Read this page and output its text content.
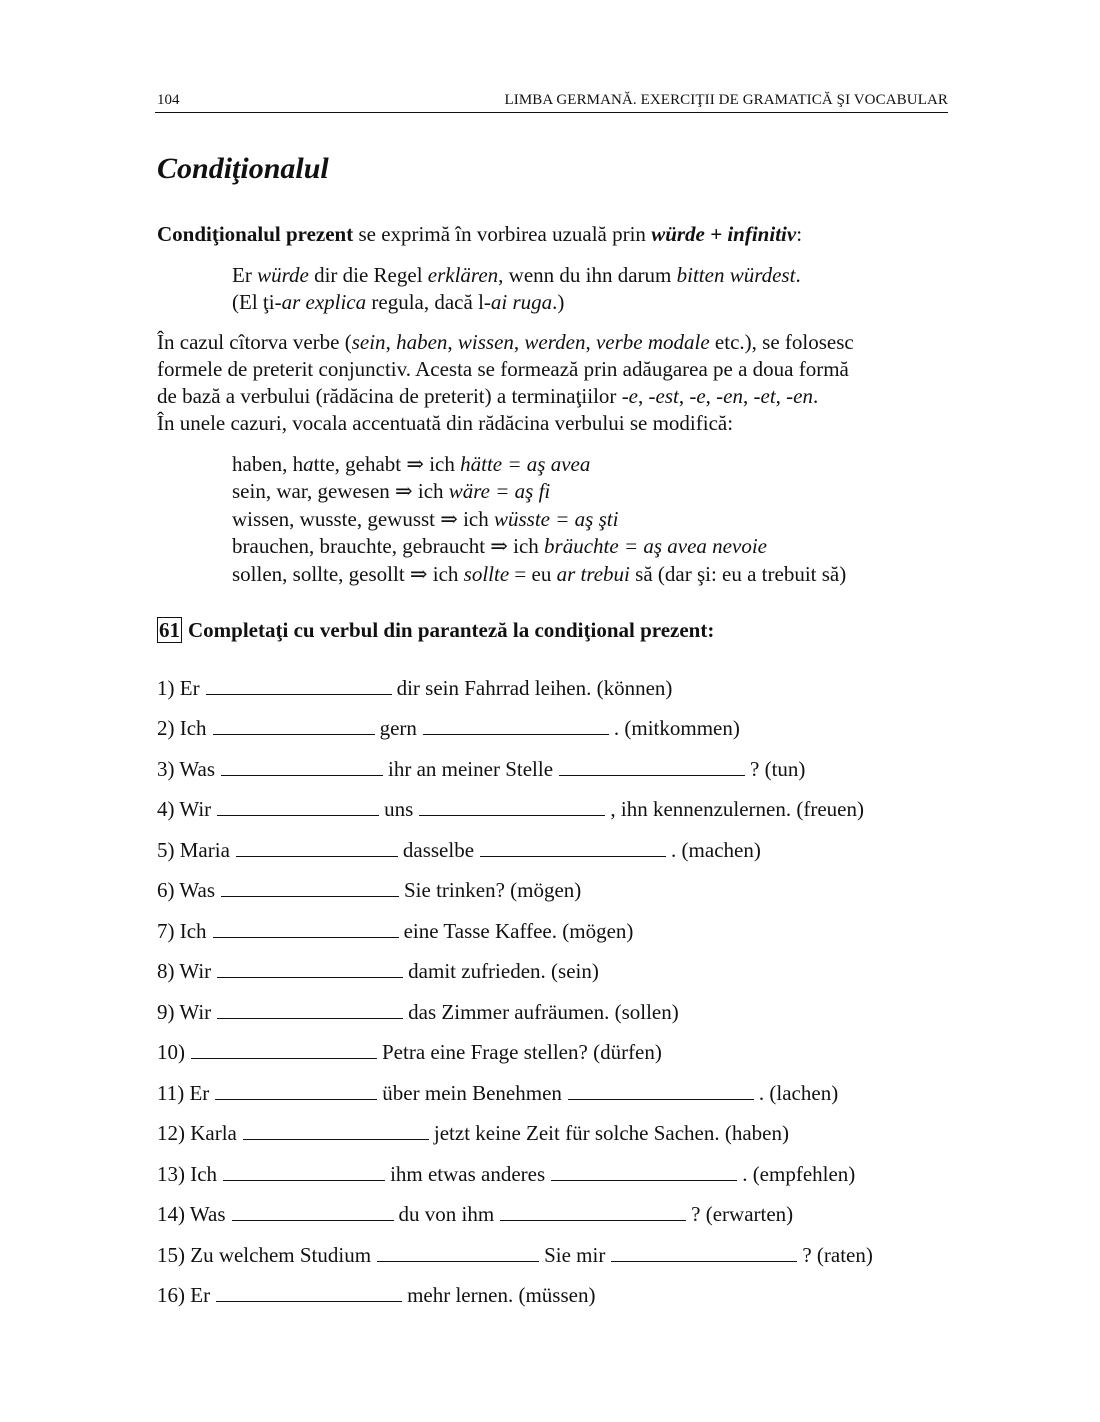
104	LIMBA GERMANĂ. EXERCIŢII DE GRAMATICĂ ŞI VOCABULAR
Condiţionalul
Condiţionalul prezent se exprimă în vorbirea uzuală prin würde + infinitiv:
Er würde dir die Regel erklären, wenn du ihn darum bitten würdest.
(El ţi-ar explica regula, dacă l-ai ruga.)
În cazul cîtorva verbe (sein, haben, wissen, werden, verbe modale etc.), se folosesc
formele de preterit conjunctiv. Acesta se formează prin adăugarea pe a doua formă
de bază a verbului (rădăcina de preterit) a terminaţiilor -e, -est, -e, -en, -et, -en.
În unele cazuri, vocala accentuată din rădăcina verbului se modifică:
haben, hatte, gehabt ⇒ ich hätte = aş avea
sein, war, gewesen ⇒ ich wäre = aş fi
wissen, wusste, gewusst ⇒ ich wüsste = aş şti
brauchen, brauchte, gebraucht ⇒ ich bräuchte = aş avea nevoie
sollen, sollte, gesollt ⇒ ich sollte = eu ar trebui să (dar şi: eu a trebuit să)
61 Completaţi cu verbul din paranteză la condiţional prezent:
1) Er	dir sein Fahrrad leihen. (können)
2) Ich	gern	. (mitkommen)
3) Was	ihr an meiner Stelle	? (tun)
4) Wir	uns	, ihn kennenzulernen. (freuen)
5) Maria	dasselbe	. (machen)
6) Was	Sie trinken? (mögen)
7) Ich	eine Tasse Kaffee. (mögen)
8) Wir	damit zufrieden. (sein)
9) Wir	das Zimmer aufräumen. (sollen)
10)	Petra eine Frage stellen? (dürfen)
11) Er	über mein Benehmen	. (lachen)
12) Karla	jetzt keine Zeit für solche Sachen. (haben)
13) Ich	ihm etwas anderes	. (empfehlen)
14) Was	du von ihm	? (erwarten)
15) Zu welchem Studium	Sie mir	? (raten)
16) Er	mehr lernen. (müssen)
